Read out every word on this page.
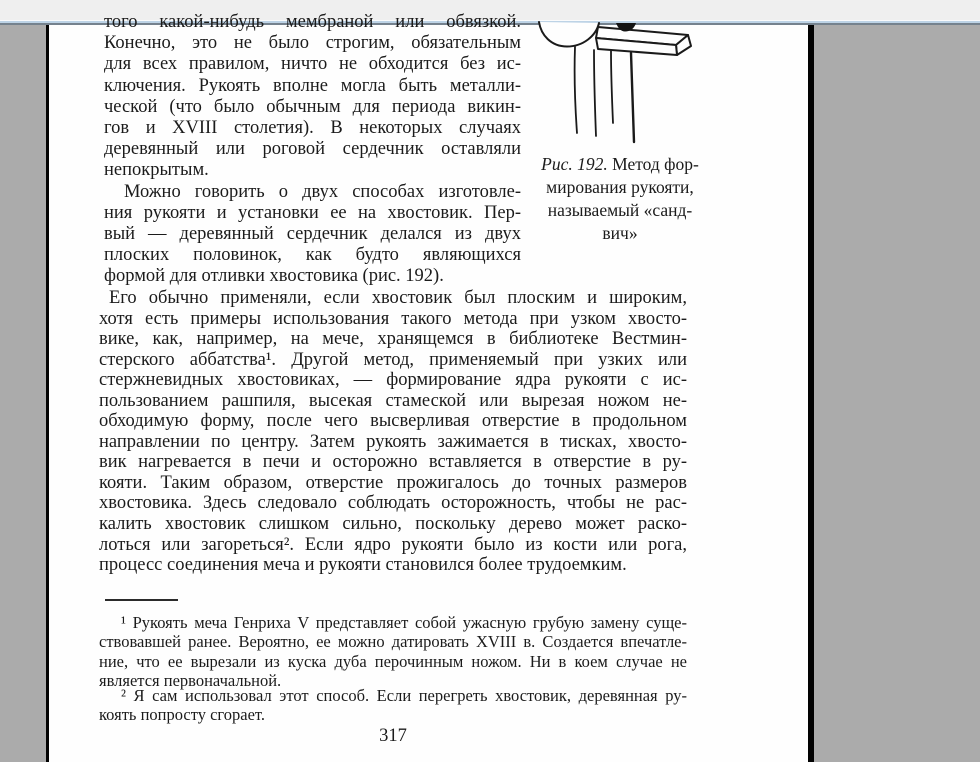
того какой-нибудь мембраной или обвязкой.
Конечно, это не было строгим, обязательным
для всех правилом, ничто не обходится без ис-
ключения. Рукоять вполне могла быть металли-
ческой (что было обычным для периода викин-
гов и XVIII столетия). В некоторых случаях
деревянный или роговой сердечник оставляли
непокрытым.
Можно говорить о двух способах изготовле-
ния рукояти и установки ее на хвостовик. Пер-
вый — деревянный сердечник делался из двух
плоских половинок, как будто являющихся
формой для отливки хвостовика (рис. 192).
Рис. 192. Метод фор-
мирования рукояти,
называемый «санд-
вич»
Его обычно применяли, если хвостовик был плоским и широким,
хотя есть примеры использования такого метода при узком хвосто-
вике, как, например, на мече, хранящемся в библиотеке Вестмин-
стерского аббатства¹. Другой метод, применяемый при узких или
стержневидных хвостовиках, — формирование ядра рукояти с ис-
пользованием рашпиля, высекая стамеской или вырезая ножом не-
обходимую форму, после чего высверливая отверстие в продольном
направлении по центру. Затем рукоять зажимается в тисках, хвосто-
вик нагревается в печи и осторожно вставляется в отверстие в ру-
кояти. Таким образом, отверстие прожигалось до точных размеров
хвостовика. Здесь следовало соблюдать осторожность, чтобы не рас-
калить хвостовик слишком сильно, поскольку дерево может раско-
лоться или загореться². Если ядро рукояти было из кости или рога,
процесс соединения меча и рукояти становился более трудоемким.
¹ Рукоять меча Генриха V представляет собой ужасную грубую замену суще-
ствовавшей ранее. Вероятно, ее можно датировать XVIII в. Создается впечатле-
ние, что ее вырезали из куска дуба перочинным ножом. Ни в коем случае не
является первоначальной.
² Я сам использовал этот способ. Если перегреть хвостовик, деревянная ру-
коять попросту сгорает.
317
